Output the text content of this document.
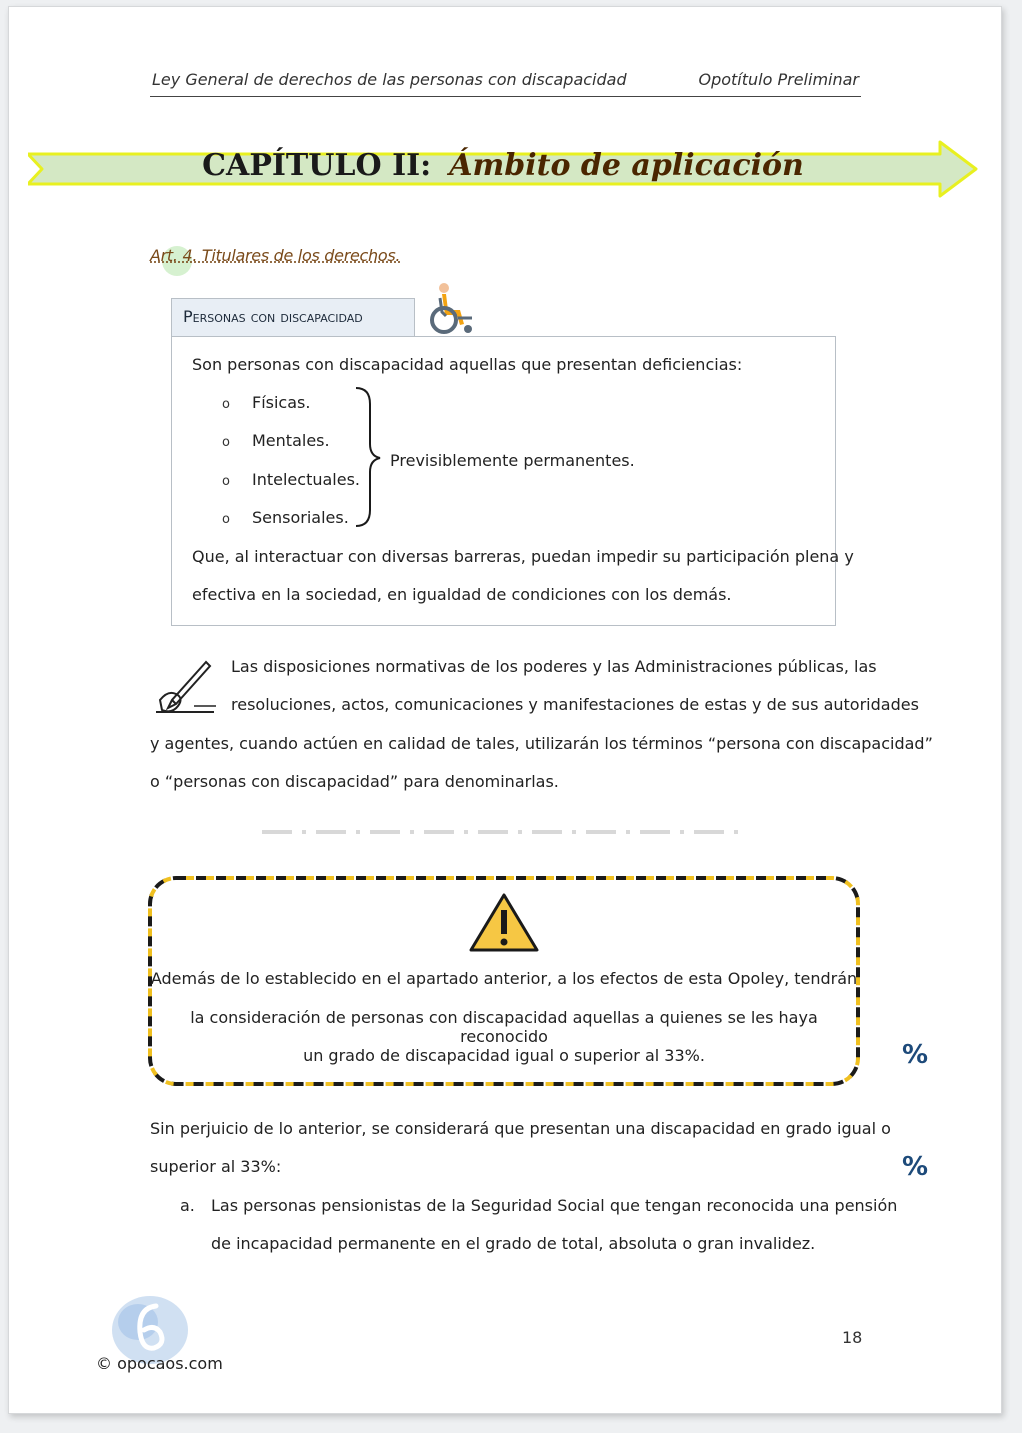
Ley General de derechos de las personas con discapacidad	Opotítulo Preliminar
CAPÍTULO II: Ámbito de aplicación
Art. 4. Titulares de los derechos.
Personas con discapacidad
Son personas con discapacidad aquellas que presentan deficiencias:
o Físicas.
o Mentales.
o Intelectuales.
o Sensoriales.
Previsiblemente permanentes.
Que, al interactuar con diversas barreras, puedan impedir su participación plena y
efectiva en la sociedad, en igualdad de condiciones con los demás.
Las disposiciones normativas de los poderes y las Administraciones públicas, las
resoluciones, actos, comunicaciones y manifestaciones de estas y de sus autoridades
y agentes, cuando actúen en calidad de tales, utilizarán los términos “persona con discapacidad”
o “personas con discapacidad” para denominarlas.
Además de lo establecido en el apartado anterior, a los efectos de esta Opoley, tendrán
la consideración de personas con discapacidad aquellas a quienes se les haya reconocido
un grado de discapacidad igual o superior al 33%.	%
%
Sin perjuicio de lo anterior, se considerará que presentan una discapacidad en grado igual o
superior al 33%:
a. Las personas pensionistas de la Seguridad Social que tengan reconocida una pensión
de incapacidad permanente en el grado de total, absoluta o gran invalidez.
© opocaos.com
18
